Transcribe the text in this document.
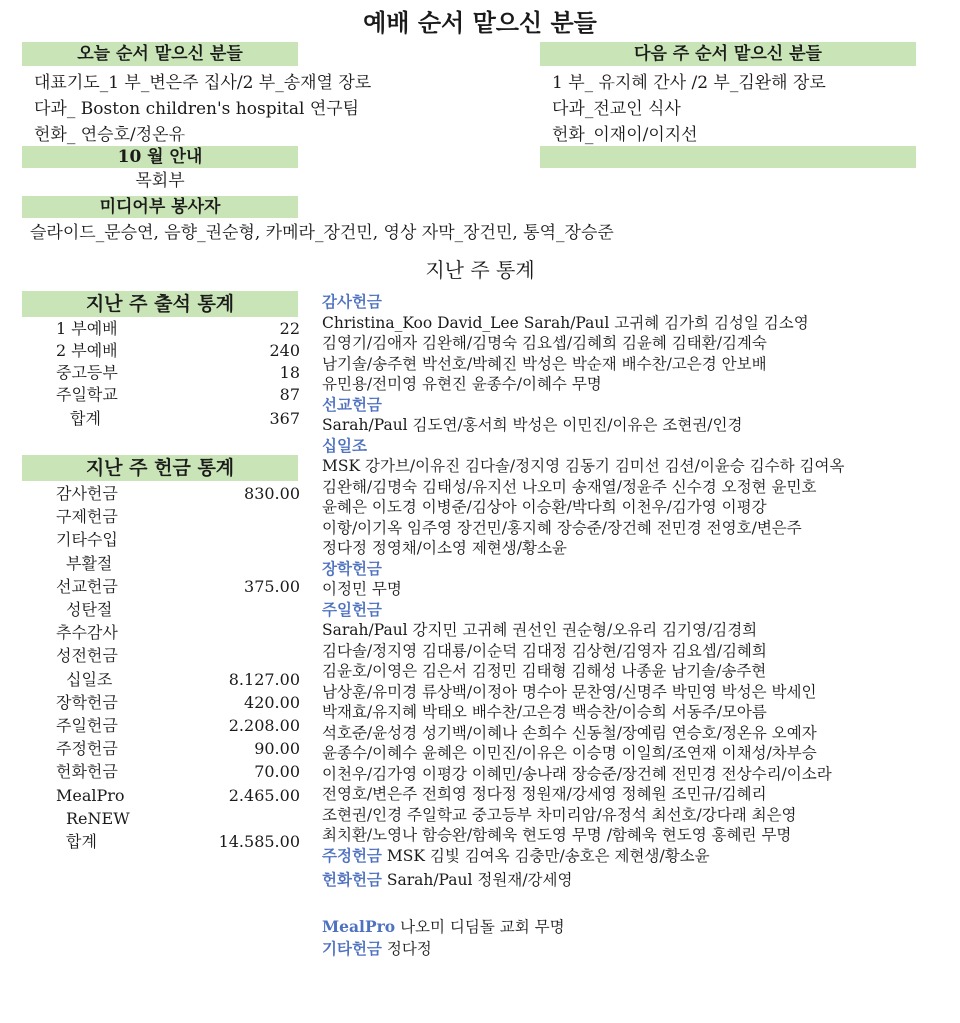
예배 순서 맡으신 분들
오늘 순서 맡으신 분들
대표기도_1 부_변은주 집사/2 부_송재열 장로
다과_ Boston children's hospital 연구팀
헌화_ 연승호/정온유
다음 주 순서 맡으신 분들
1 부_ 유지혜 간사 /2 부_김완해 장로
다과_전교인 식사
헌화_이재이/이지선
10 월 안내
목회부
미디어부 봉사자
슬라이드_문승연, 음향_권순형, 카메라_장건민, 영상 자막_장건민, 통역_장승준
지난 주 통계
지난 주 출석 통계
1 부예배	22
2 부예배	240
중고등부	18
주일학교	87
합계	367
지난 주 헌금 통계
감사헌금	830.00
구제헌금
기타수입
부활절
선교헌금	375.00
성탄절
추수감사
성전헌금
십일조	8.127.00
장학헌금	420.00
주일헌금	2.208.00
주정헌금	90.00
헌화헌금	70.00
MealPro	2.465.00
ReNEW
합계	14.585.00
감사헌금
Christina_Koo David_Lee Sarah/Paul 고귀혜 김가희 김성일 김소영
김영기/김애자 김완해/김명숙 김요셉/김혜희 김윤혜 김태환/김계숙
남기솔/송주현 박선호/박혜진 박성은 박순재 배수찬/고은경 안보배
유민용/전미영 유현진 윤종수/이혜수 무명
선교헌금
Sarah/Paul 김도연/홍서희 박성은 이민진/이유은 조현권/인경
십일조
MSK 강가브/이유진 김다솔/정지영 김동기 김미선 김션/이윤승 김수하 김여옥
김완해/김명숙 김태성/유지선 나오미 송재열/정윤주 신수경 오정현 윤민호
윤혜은 이도경 이병준/김상아 이승환/박다희 이천우/김가영 이평강
이항/이기옥 임주영 장건민/홍지혜 장승준/장건혜 전민경 전영호/변은주
정다정 정영채/이소영 제현생/황소윤
장학헌금
이정민 무명
주일헌금
Sarah/Paul 강지민 고귀혜 권선인 권순형/오유리 김기영/김경희
김다솔/정지영 김대룡/이순덕 김대정 김상현/김영자 김요셉/김혜희
김윤호/이영은 김은서 김정민 김태형 김해성 나종윤 남기솔/송주현
남상훈/유미경 류상백/이정아 명수아 문찬영/신명주 박민영 박성은 박세인
박재효/유지혜 박태오 배수찬/고은경 백승찬/이승희 서동주/모아름
석호준/윤성경 성기백/이혜나 손희수 신동철/장예림 연승호/정온유 오예자
윤종수/이혜수 윤혜은 이민진/이유은 이승명 이일희/조연재 이채성/차부승
이천우/김가영 이평강 이혜민/송나래 장승준/장건혜 전민경 전상수리/이소라
전영호/변은주 전희영 정다정 정원재/강세영 정혜원 조민규/김혜리
조현권/인경 주일학교 중고등부 차미리암/유정석 최선호/강다래 최은영
최치환/노영나 함승완/함혜욱 현도영 무명 /함혜욱 현도영 홍혜린 무명
주정헌금 MSK 김빛 김여옥 김충만/송호은 제현생/황소윤
헌화헌금 Sarah/Paul 정원재/강세영
MealPro 나오미 디딤돌 교회 무명
기타헌금 정다정
